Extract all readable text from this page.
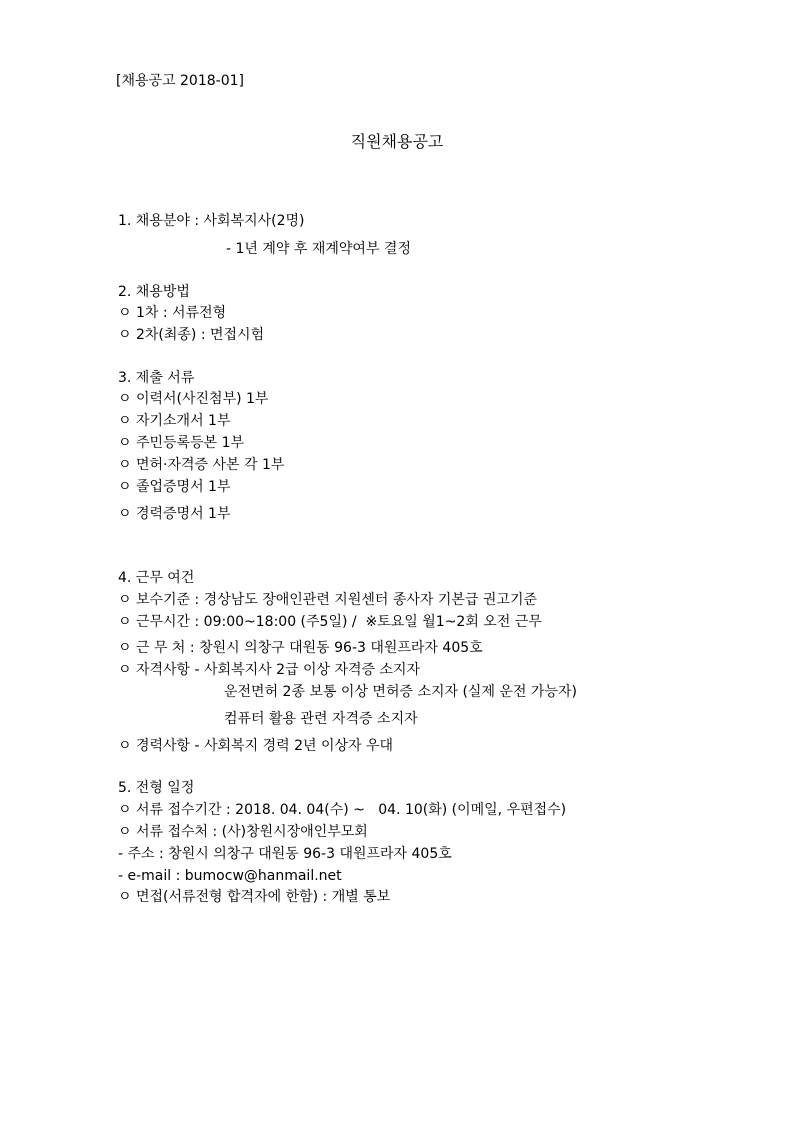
[채용공고 2018-01]
직원채용공고
1. 채용분야 : 사회복지사(2명)
- 1년 계약 후 재계약여부 결정
2. 채용방법
ㅇ 1차 : 서류전형
ㅇ 2차(최종) : 면접시험
3. 제출 서류
ㅇ 이력서(사진첨부) 1부
ㅇ 자기소개서 1부
ㅇ 주민등록등본 1부
ㅇ 면허·자격증 사본 각 1부
ㅇ 졸업증명서 1부
ㅇ 경력증명서 1부
4. 근무 여건
ㅇ 보수기준 : 경상남도 장애인관련 지원센터 종사자 기본급 권고기준
ㅇ 근무시간 : 09:00~18:00 (주5일) /  ※토요일 월1~2회 오전 근무
ㅇ 근 무 처 : 창원시 의창구 대원동 96-3 대원프라자 405호
ㅇ 자격사항 - 사회복지사 2급 이상 자격증 소지자
운전면허 2종 보통 이상 면허증 소지자 (실제 운전 가능자)
컴퓨터 활용 관련 자격증 소지자
ㅇ 경력사항 - 사회복지 경력 2년 이상자 우대
5. 전형 일정
ㅇ 서류 접수기간 : 2018. 04. 04(수) ~   04. 10(화) (이메일, 우편접수)
ㅇ 서류 접수처 : (사)창원시장애인부모회
- 주소 : 창원시 의창구 대원동 96-3 대원프라자 405호
- e-mail : bumocw@hanmail.net
ㅇ 면접(서류전형 합격자에 한함) : 개별 통보
